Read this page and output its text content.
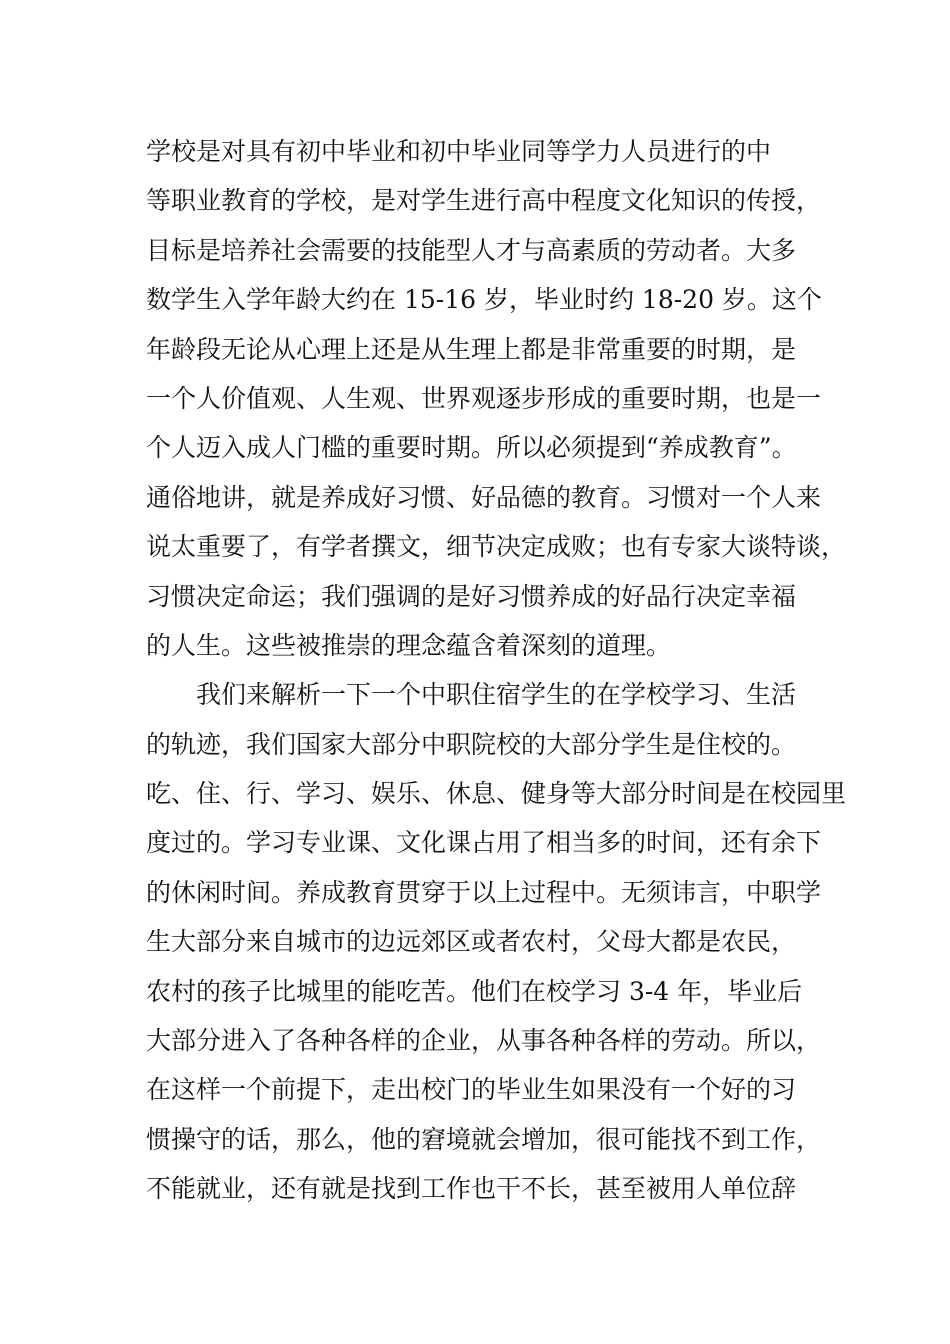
学校是对具有初中毕业和初中毕业同等学力人员进行的中
等职业教育的学校，是对学生进行高中程度文化知识的传授，
目标是培养社会需要的技能型人才与高素质的劳动者。大多
数学生入学年龄大约在 15-16 岁，毕业时约 18-20 岁。这个
年龄段无论从心理上还是从生理上都是非常重要的时期，是
一个人价值观、人生观、世界观逐步形成的重要时期，也是一
个人迈入成人门槛的重要时期。所以必须提到“养成教育”。
通俗地讲，就是养成好习惯、好品德的教育。习惯对一个人来
说太重要了，有学者撰文，细节决定成败；也有专家大谈特谈，
习惯决定命运；我们强调的是好习惯养成的好品行决定幸福
的人生。这些被推崇的理念蕴含着深刻的道理。
我们来解析一下一个中职住宿学生的在学校学习、生活
的轨迹，我们国家大部分中职院校的大部分学生是住校的。
吃、住、行、学习、娱乐、休息、健身等大部分时间是在校园里
度过的。学习专业课、文化课占用了相当多的时间，还有余下
的休闲时间。养成教育贯穿于以上过程中。无须讳言，中职学
生大部分来自城市的边远郊区或者农村，父母大都是农民，
农村的孩子比城里的能吃苦。他们在校学习 3-4 年，毕业后
大部分进入了各种各样的企业，从事各种各样的劳动。所以，
在这样一个前提下，走出校门的毕业生如果没有一个好的习
惯操守的话，那么，他的窘境就会增加，很可能找不到工作，
不能就业，还有就是找到工作也干不长，甚至被用人单位辞
